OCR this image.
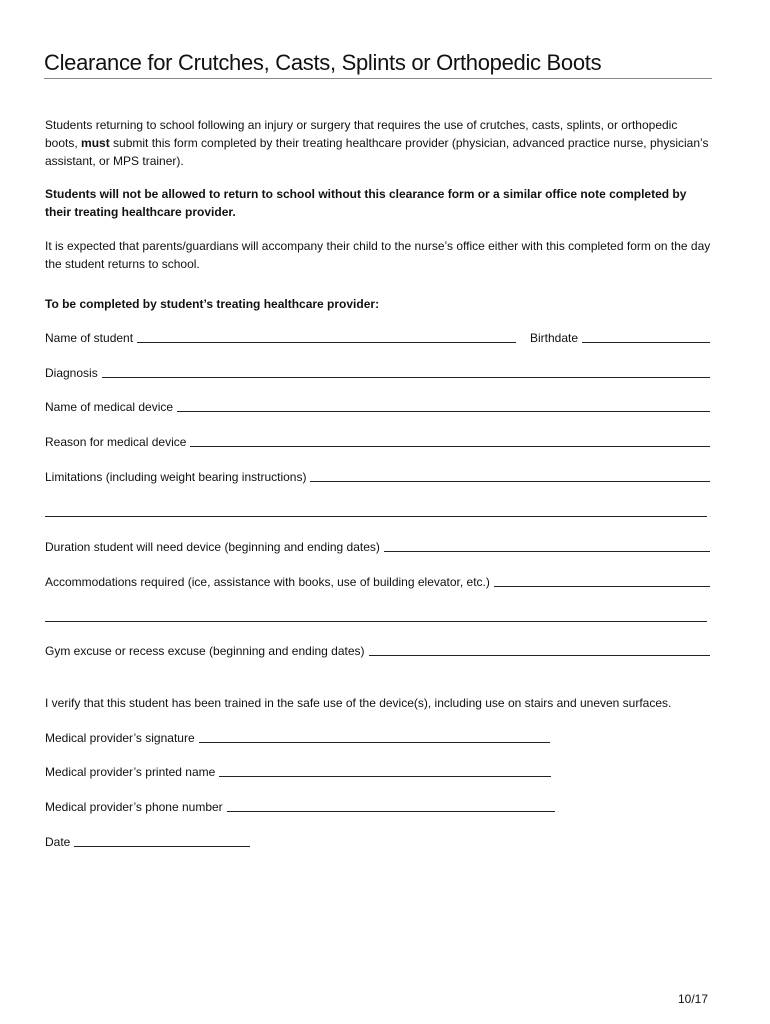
Clearance for Crutches, Casts, Splints or Orthopedic Boots

Students returning to school following an injury or surgery that requires the use of crutches, casts, splints, or orthopedic boots, must submit this form completed by their treating healthcare provider (physician, advanced practice nurse, physician’s assistant, or MPS trainer).

Students will not be allowed to return to school without this clearance form or a similar office note completed by their treating healthcare provider.

It is expected that parents/guardians will accompany their child to the nurse’s office either with this completed form on the day the student returns to school.

To be completed by student’s treating healthcare provider:

Name of student	Birthdate
Diagnosis
Name of medical device
Reason for medical device
Limitations (including weight bearing instructions)
Duration student will need device (beginning and ending dates)
Accommodations required (ice, assistance with books, use of building elevator, etc.)
Gym excuse or recess excuse (beginning and ending dates)

I verify that this student has been trained in the safe use of the device(s), including use on stairs and uneven surfaces.

Medical provider’s signature
Medical provider’s printed name
Medical provider’s phone number
Date
10/17
